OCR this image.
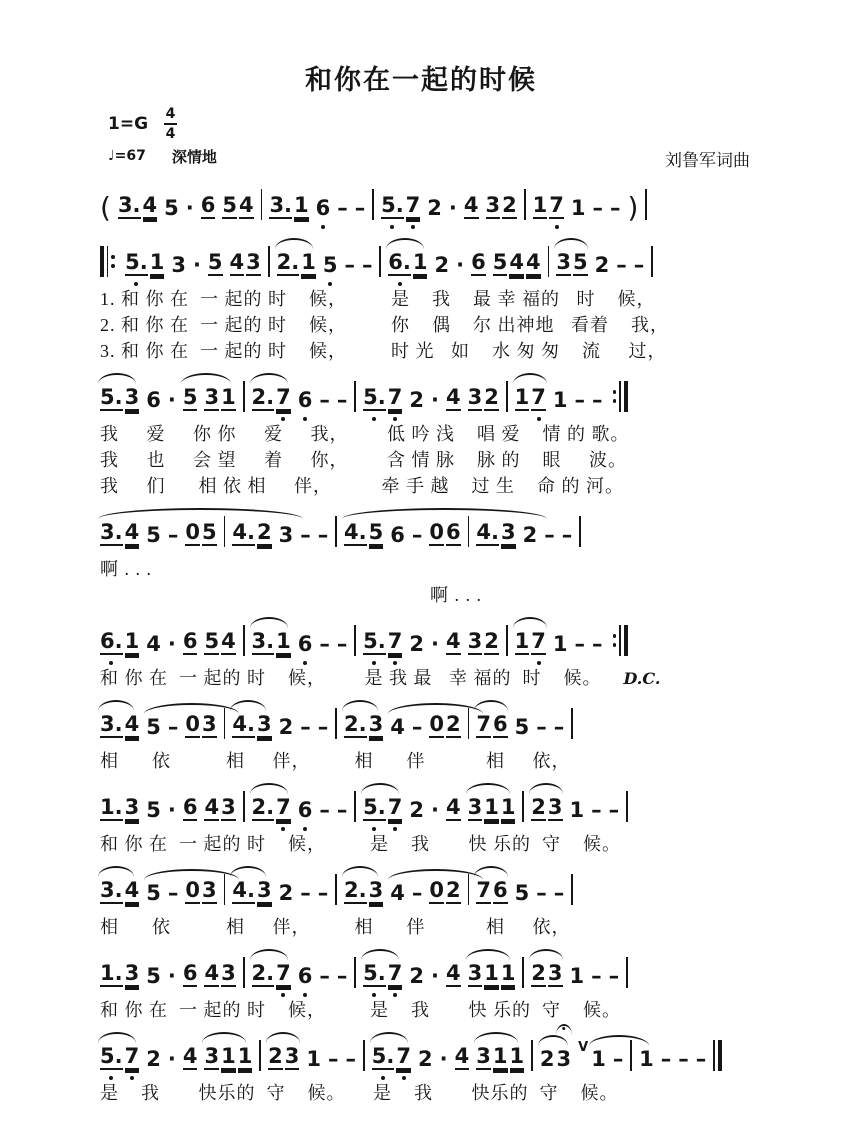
和你在一起的时候
1=G 4
4
♩=67 深情地	刘鲁军词曲
( 3. 4 5 · 6 5 4 3. 1 6 – – 5. 7 2 · 4 3 2 1 7 1 – – )
5. 1 3 · 5 4 3 2. 1 5 – – 6. 1 2 · 6 5 4 4 3 5 2 – –
1. 和 你 在  一 起的 时    候，        是    我    最 幸 福的   时    候，
2. 和 你 在  一 起的 时    候，        你    偶    尔 出神地   看着    我，
3. 和 你 在  一 起的 时    候，        时 光   如    水 匆 匆    流     过，
5. 3 6 · 5 3 1 2. 7 6 – – 5. 7 2 · 4 3 2 1 7 1 – –
我     爱     你 你     爱     我，       低 吟 浅    唱 爱    情 的 歌。
我     也     会 望     着     你，       含 情 脉    脉 的    眼     波。
我     们      相 依 相     伴，         牵 手 越    过 生    命 的 河。
3. 4 5 – 0 5 4. 2 3 – – 4. 5 6 – 0 6 4. 3 2 – –
啊 . . .
啊 . . .
6. 1 4 · 6 5 4 3. 1 6 – – 5. 7 2 · 4 3 2 1 7 1 – –
和 你 在  一 起的 时    候，       是 我 最   幸 福的  时    候。 D.C.
3. 4 5 – 0 3 4. 3 2 – – 2. 3 4 – 0 2 7 6 5 – –
相      依          相     伴，        相      伴           相     依，
1. 3 5 · 6 4 3 2. 7 6 – – 5. 7 2 · 4 3 1 1 2 3 1 – –
和 你 在  一 起的 时    候，        是    我       快 乐的  守    候。
3. 4 5 – 0 3 4. 3 2 – – 2. 3 4 – 0 2 7 6 5 – –
相      依          相     伴，        相      伴           相     依，
1. 3 5 · 6 4 3 2. 7 6 – – 5. 7 2 · 4 3 1 1 2 3 1 – –
和 你 在  一 起的 时    候，        是    我       快 乐的  守    候。
5. 7 2 · 4 3 1 1 2 3 1 – – 5. 7 2 · 4 3 1 1 2 3 V 1 – 1 – – –
是    我       快乐的  守    候。     是    我       快乐的  守    候。
